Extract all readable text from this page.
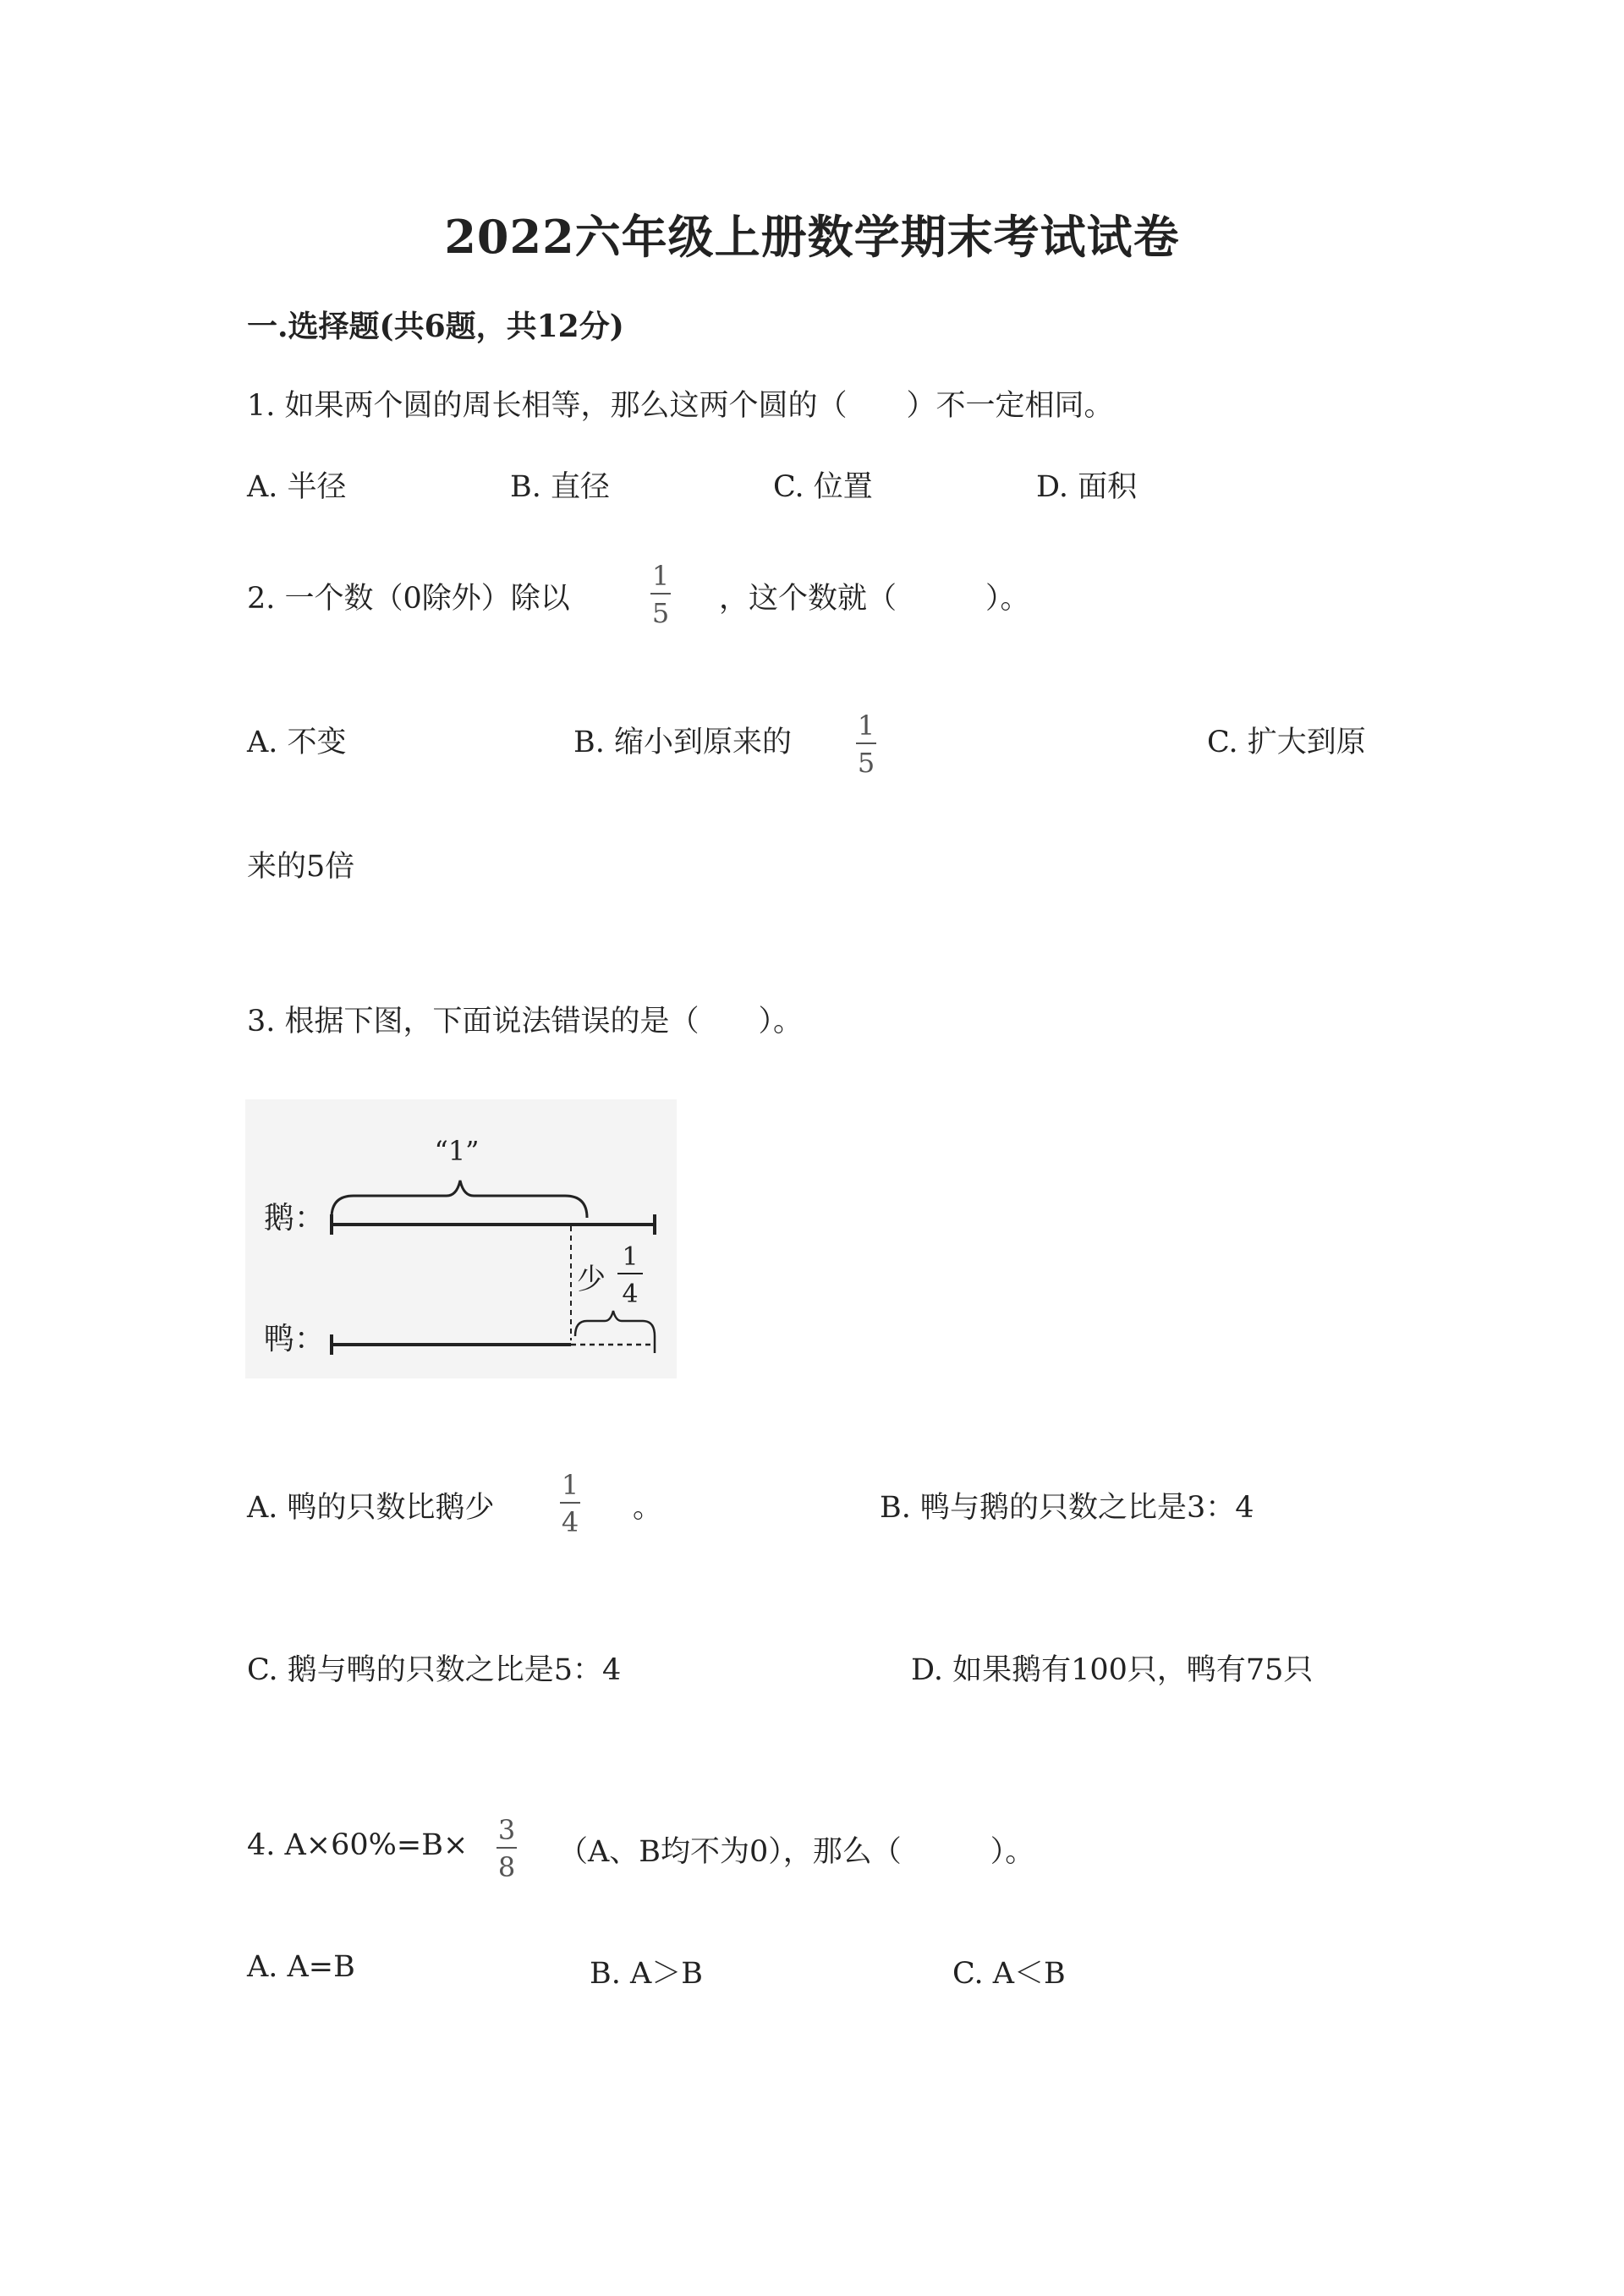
2022六年级上册数学期末考试试卷
一.选择题(共6题，共12分)
1. 如果两个圆的周长相等，那么这两个圆的（　　）不一定相同。
A. 半径	B. 直径	C. 位置	D. 面积
2. 一个数（0除外）除以
1
5 ，这个数就（　　　）。
A. 不变	B. 缩小到原来的 1
5
C. 扩大到原
来的5倍
3. 根据下图，下面说法错误的是（　　）。
“1”
鹅：
少
1
4
鸭：
A. 鸭的只数比鹅少
1
4 。	B. 鸭与鹅的只数之比是3：4
C. 鹅与鸭的只数之比是5：4	D. 如果鹅有100只，鸭有75只
4. A×60%=B× 3
8 （A、B均不为0），那么（　　　）。
A. A=B	B. A＞B	C. A＜B
